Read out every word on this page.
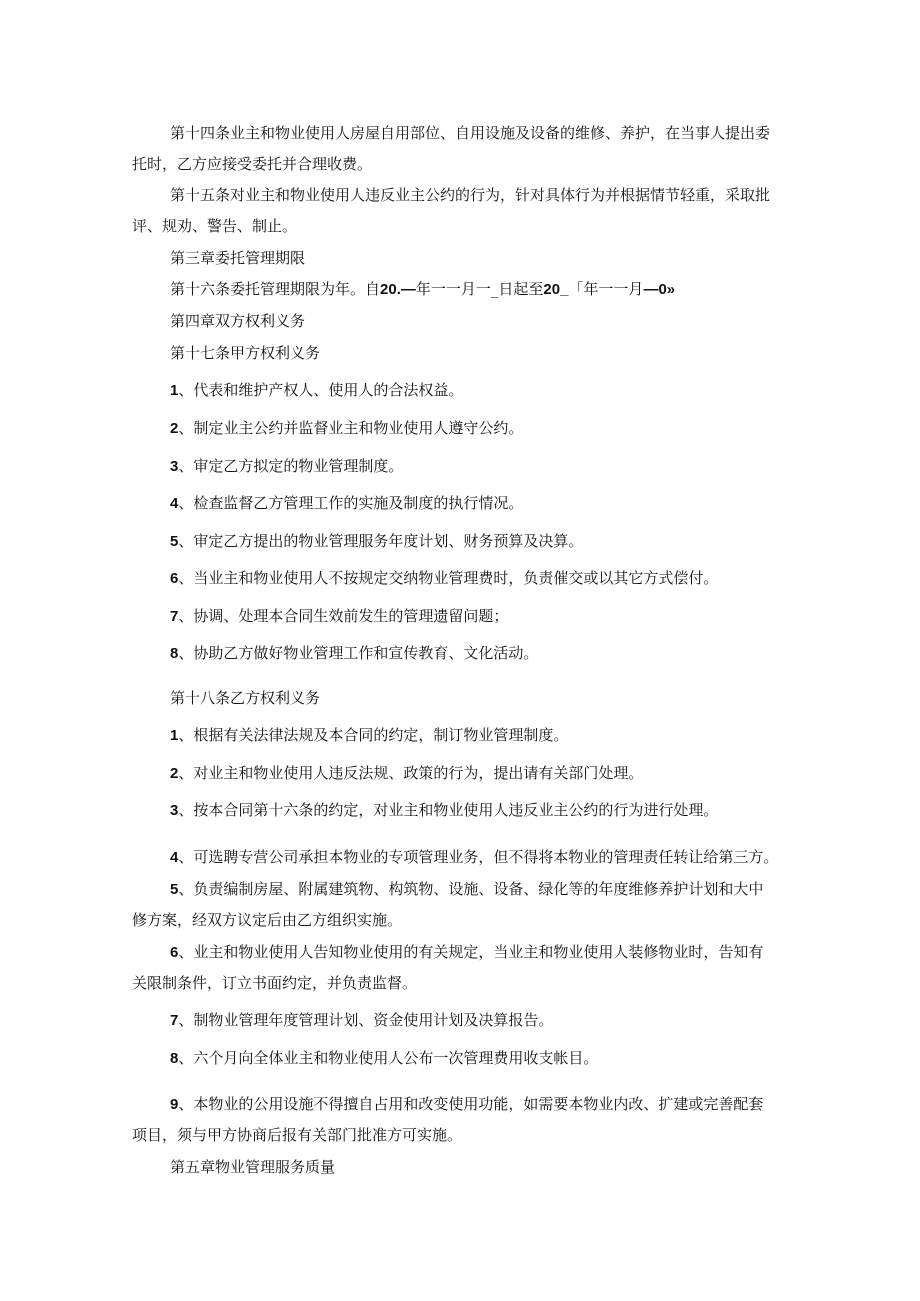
第十四条业主和物业使用人房屋自用部位、自用设施及设备的维修、养护，在当事人提出委
托时，乙方应接受委托并合理收费。
第十五条对业主和物业使用人违反业主公约的行为，针对具体行为并根据情节轻重，采取批
评、规劝、警告、制止。
第三章委托管理期限
第十六条委托管理期限为年。自20.—年一一月一_日起至20_「年一一月—0»
第四章双方权利义务
第十七条甲方权利义务
1、代表和维护产权人、使用人的合法权益。
2、制定业主公约并监督业主和物业使用人遵守公约。
3、审定乙方拟定的物业管理制度。
4、检查监督乙方管理工作的实施及制度的执行情况。
5、审定乙方提出的物业管理服务年度计划、财务预算及决算。
6、当业主和物业使用人不按规定交纳物业管理费时，负责催交或以其它方式偿付。
7、协调、处理本合同生效前发生的管理遗留问题；
8、协助乙方做好物业管理工作和宣传教育、文化活动。
第十八条乙方权利义务
1、根据有关法律法规及本合同的约定，制订物业管理制度。
2、对业主和物业使用人违反法规、政策的行为，提出请有关部门处理。
3、按本合同第十六条的约定，对业主和物业使用人违反业主公约的行为进行处理。
4、可选聘专营公司承担本物业的专项管理业务，但不得将本物业的管理责任转让给第三方。
5、负责编制房屋、附属建筑物、构筑物、设施、设备、绿化等的年度维修养护计划和大中
修方案，经双方议定后由乙方组织实施。
6、业主和物业使用人告知物业使用的有关规定，当业主和物业使用人装修物业时，告知有
关限制条件，订立书面约定，并负责监督。
7、制物业管理年度管理计划、资金使用计划及决算报告。
8、六个月向全体业主和物业使用人公布一次管理费用收支帐目。
9、本物业的公用设施不得擅自占用和改变使用功能，如需要本物业内改、扩建或完善配套
项目，须与甲方协商后报有关部门批准方可实施。
第五章物业管理服务质量
